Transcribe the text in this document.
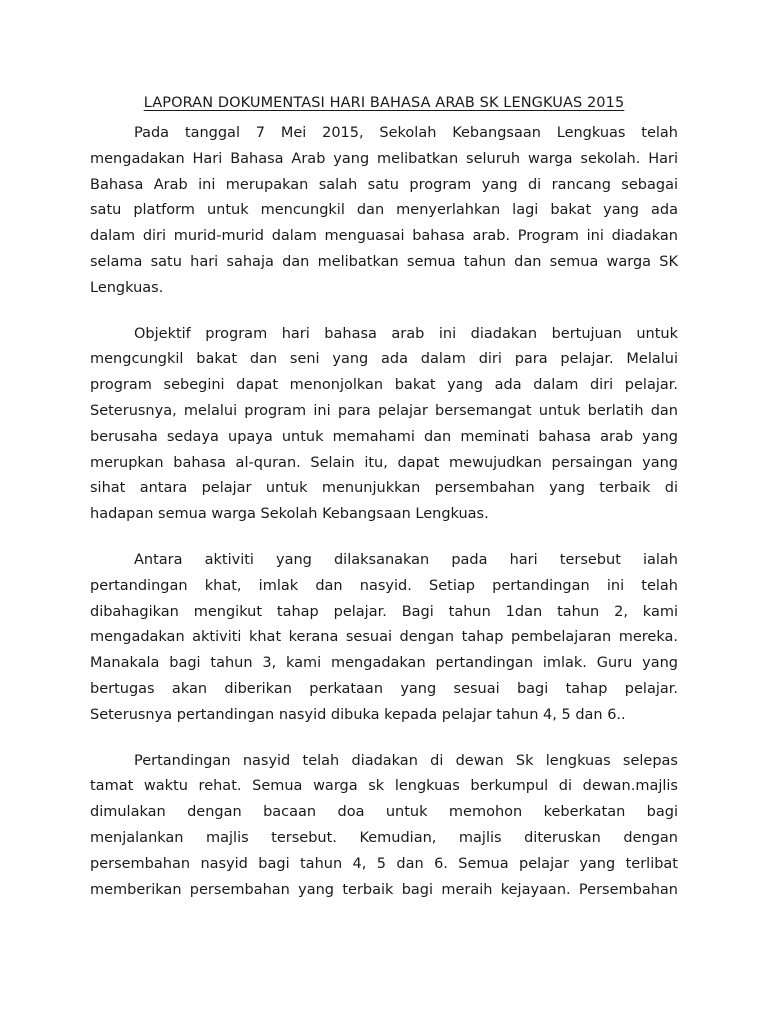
LAPORAN DOKUMENTASI HARI BAHASA ARAB SK LENGKUAS 2015

Pada tanggal 7 Mei 2015, Sekolah Kebangsaan Lengkuas telah
mengadakan Hari Bahasa Arab yang melibatkan seluruh warga sekolah. Hari
Bahasa Arab ini merupakan salah satu program yang di rancang sebagai
satu platform untuk mencungkil dan menyerlahkan lagi bakat yang ada
dalam diri murid-murid dalam menguasai bahasa arab. Program ini diadakan
selama satu hari sahaja dan melibatkan semua tahun dan semua warga SK
Lengkuas.

Objektif program hari bahasa arab ini diadakan bertujuan untuk
mengcungkil bakat dan seni yang ada dalam diri para pelajar. Melalui
program sebegini dapat menonjolkan bakat yang ada dalam diri pelajar.
Seterusnya, melalui program ini para pelajar bersemangat untuk berlatih dan
berusaha sedaya upaya untuk memahami dan meminati bahasa arab yang
merupkan bahasa al-quran. Selain itu, dapat mewujudkan persaingan yang
sihat antara pelajar untuk menunjukkan persembahan yang terbaik di
hadapan semua warga Sekolah Kebangsaan Lengkuas.

Antara aktiviti yang dilaksanakan pada hari tersebut ialah
pertandingan khat, imlak dan nasyid. Setiap pertandingan ini telah
dibahagikan mengikut tahap pelajar. Bagi tahun 1dan tahun 2, kami
mengadakan aktiviti khat kerana sesuai dengan tahap pembelajaran mereka.
Manakala bagi tahun 3, kami mengadakan pertandingan imlak. Guru yang
bertugas akan diberikan perkataan yang sesuai bagi tahap pelajar.
Seterusnya pertandingan nasyid dibuka kepada pelajar tahun 4, 5 dan 6..

Pertandingan nasyid telah diadakan di dewan Sk lengkuas selepas
tamat waktu rehat. Semua warga sk lengkuas berkumpul di dewan.majlis
dimulakan dengan bacaan doa untuk memohon keberkatan bagi
menjalankan majlis tersebut. Kemudian, majlis diteruskan dengan
persembahan nasyid bagi tahun 4, 5 dan 6. Semua pelajar yang terlibat
memberikan persembahan yang terbaik bagi meraih kejayaan. Persembahan
